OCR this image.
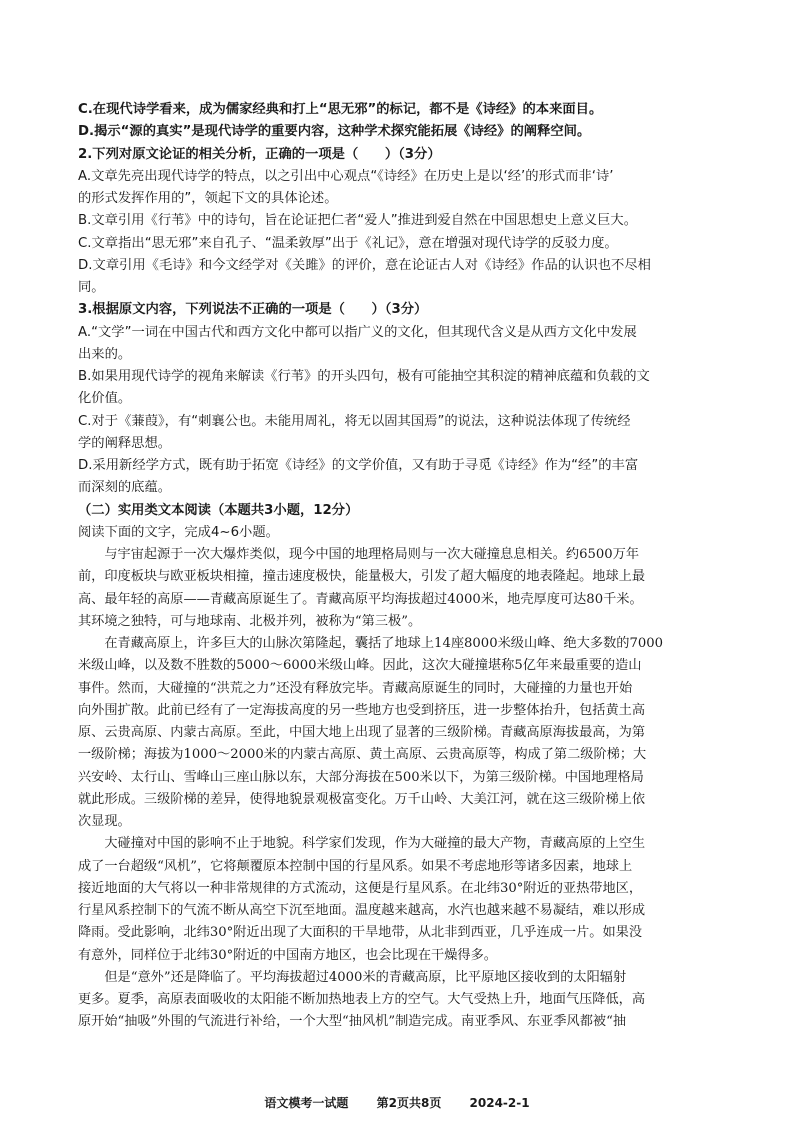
C.在现代诗学看来，成为儒家经典和打上“思无邪”的标记，都不是《诗经》的本来面目。
D.揭示“源的真实”是现代诗学的重要内容，这种学术探究能拓展《诗经》的阐释空间。
2.下列对原文论证的相关分析，正确的一项是（　　）（3分）
A.文章先亮出现代诗学的特点，以之引出中心观点“《诗经》在历史上是以‘经’的形式而非‘诗’
的形式发挥作用的”，领起下文的具体论述。
B.文章引用《行苇》中的诗句，旨在论证把仁者“爱人”推进到爱自然在中国思想史上意义巨大。
C.文章指出“思无邪”来自孔子、“温柔敦厚”出于《礼记》，意在增强对现代诗学的反驳力度。
D.文章引用《毛诗》和今文经学对《关雎》的评价，意在论证古人对《诗经》作品的认识也不尽相
同。
3.根据原文内容，下列说法不正确的一项是（　　）（3分）
A.“文学”一词在中国古代和西方文化中都可以指广义的文化，但其现代含义是从西方文化中发展
出来的。
B.如果用现代诗学的视角来解读《行苇》的开头四句，极有可能抽空其积淀的精神底蕴和负载的文
化价值。
C.对于《蒹葭》，有“刺襄公也。未能用周礼，将无以固其国焉”的说法，这种说法体现了传统经
学的阐释思想。
D.采用新经学方式，既有助于拓宽《诗经》的文学价值，又有助于寻觅《诗经》作为“经”的丰富
而深刻的底蕴。
（二）实用类文本阅读（本题共3小题，12分）
阅读下面的文字，完成4~6小题。
　　与宇宙起源于一次大爆炸类似，现今中国的地理格局则与一次大碰撞息息相关。约6500万年
前，印度板块与欧亚板块相撞，撞击速度极快，能量极大，引发了超大幅度的地表隆起。地球上最
高、最年轻的高原——青藏高原诞生了。青藏高原平均海拔超过4000米，地壳厚度可达80千米。
其环境之独特，可与地球南、北极并列，被称为“第三极”。
　　在青藏高原上，许多巨大的山脉次第隆起，囊括了地球上14座8000米级山峰、绝大多数的7000
米级山峰，以及数不胜数的5000～6000米级山峰。因此，这次大碰撞堪称5亿年来最重要的造山
事件。然而，大碰撞的“洪荒之力”还没有释放完毕。青藏高原诞生的同时，大碰撞的力量也开始
向外围扩散。此前已经有了一定海拔高度的另一些地方也受到挤压，进一步整体抬升，包括黄土高
原、云贵高原、内蒙古高原。至此，中国大地上出现了显著的三级阶梯。青藏高原海拔最高，为第
一级阶梯；海拔为1000～2000米的内蒙古高原、黄土高原、云贵高原等，构成了第二级阶梯；大
兴安岭、太行山、雪峰山三座山脉以东，大部分海拔在500米以下，为第三级阶梯。中国地理格局
就此形成。三级阶梯的差异，使得地貌景观极富变化。万千山岭、大美江河，就在这三级阶梯上依
次显现。
　　大碰撞对中国的影响不止于地貌。科学家们发现，作为大碰撞的最大产物，青藏高原的上空生
成了一台超级“风机”，它将颠覆原本控制中国的行星风系。如果不考虑地形等诸多因素，地球上
接近地面的大气将以一种非常规律的方式流动，这便是行星风系。在北纬30°附近的亚热带地区，
行星风系控制下的气流不断从高空下沉至地面。温度越来越高，水汽也越来越不易凝结，难以形成
降雨。受此影响，北纬30°附近出现了大面积的干旱地带，从北非到西亚，几乎连成一片。如果没
有意外，同样位于北纬30°附近的中国南方地区，也会比现在干燥得多。
　　但是“意外”还是降临了。平均海拔超过4000米的青藏高原，比平原地区接收到的太阳辐射
更多。夏季，高原表面吸收的太阳能不断加热地表上方的空气。大气受热上升，地面气压降低，高
原开始“抽吸”外围的气流进行补给，一个大型“抽风机”制造完成。南亚季风、东亚季风都被“抽
语文模考一试题 第2页共8页 2024-2-1
